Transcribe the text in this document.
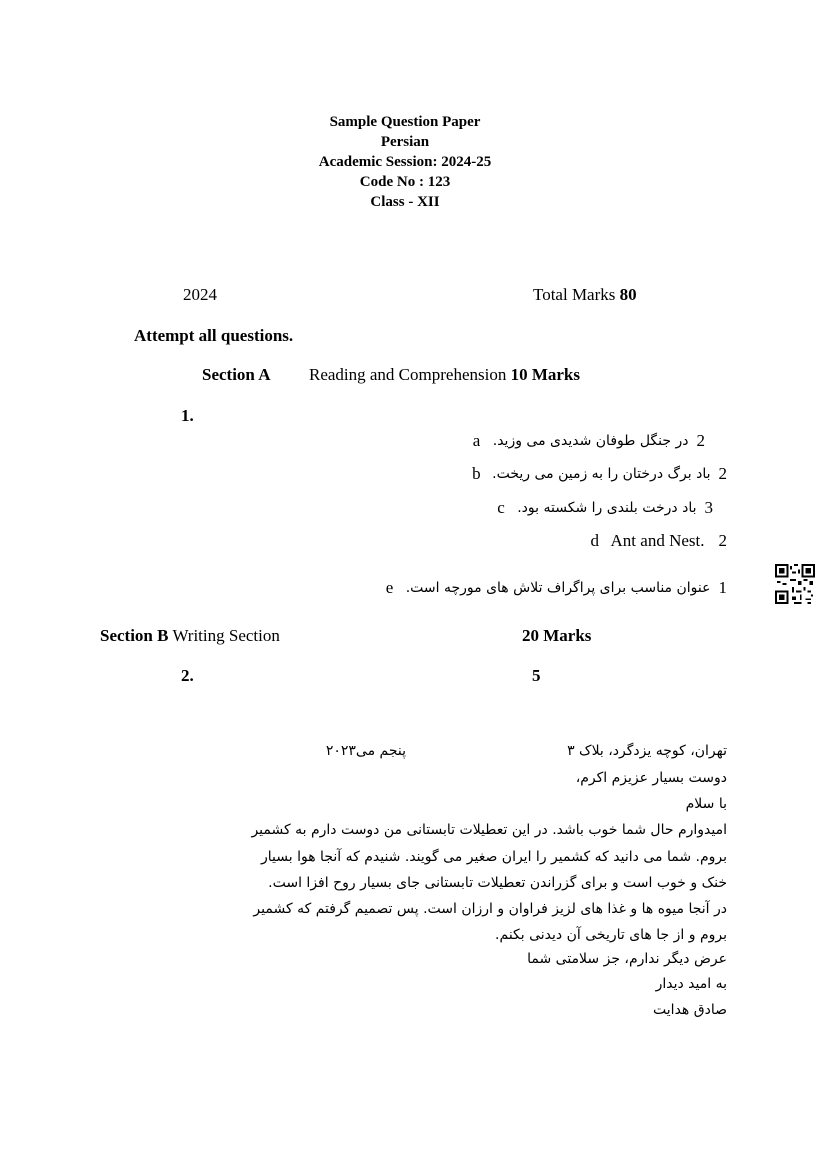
Sample Question Paper
Persian
Academic Session: 2024-25
Code No : 123
Class - XII
2024	Total Marks 80
Attempt all questions.
Section A Reading and Comprehension 10 Marks
1.
a در جنگل طوفان شدیدی می وزید. 2
b باد برگ درختان را به زمین می ریخت. 2
c باد درخت بلندی را شکسته بود. 3
d Ant and Nest. 2
e عنوان مناسب برای پراگراف تلاش های مورچه است. 1
Section B Writing Section	20 Marks
2.	5
تهران، کوچه یزدگرد، بلاک ۳
پنجم می۲۰۲۳
دوست بسیار عزیزم اکرم،
با سلام
امیدوارم حال شما خوب باشد. در این تعطیلات تابستانی من دوست دارم به کشمیر
بروم. شما می دانید که کشمیر را ایران صغیر می گویند. شنیدم که آنجا هوا بسیار
خنک و خوب است و برای گزراندن تعطیلات تابستانی جای بسیار روح افزا است.
در آنجا میوه ها و غذا های لزیز فراوان و ارزان است. پس تصمیم گرفتم که کشمیر
بروم و از جا های تاریخی آن دیدنی بکنم.
عرض دیگر ندارم، جز سلامتی شما
به امید دیدار
صادق هدایت
